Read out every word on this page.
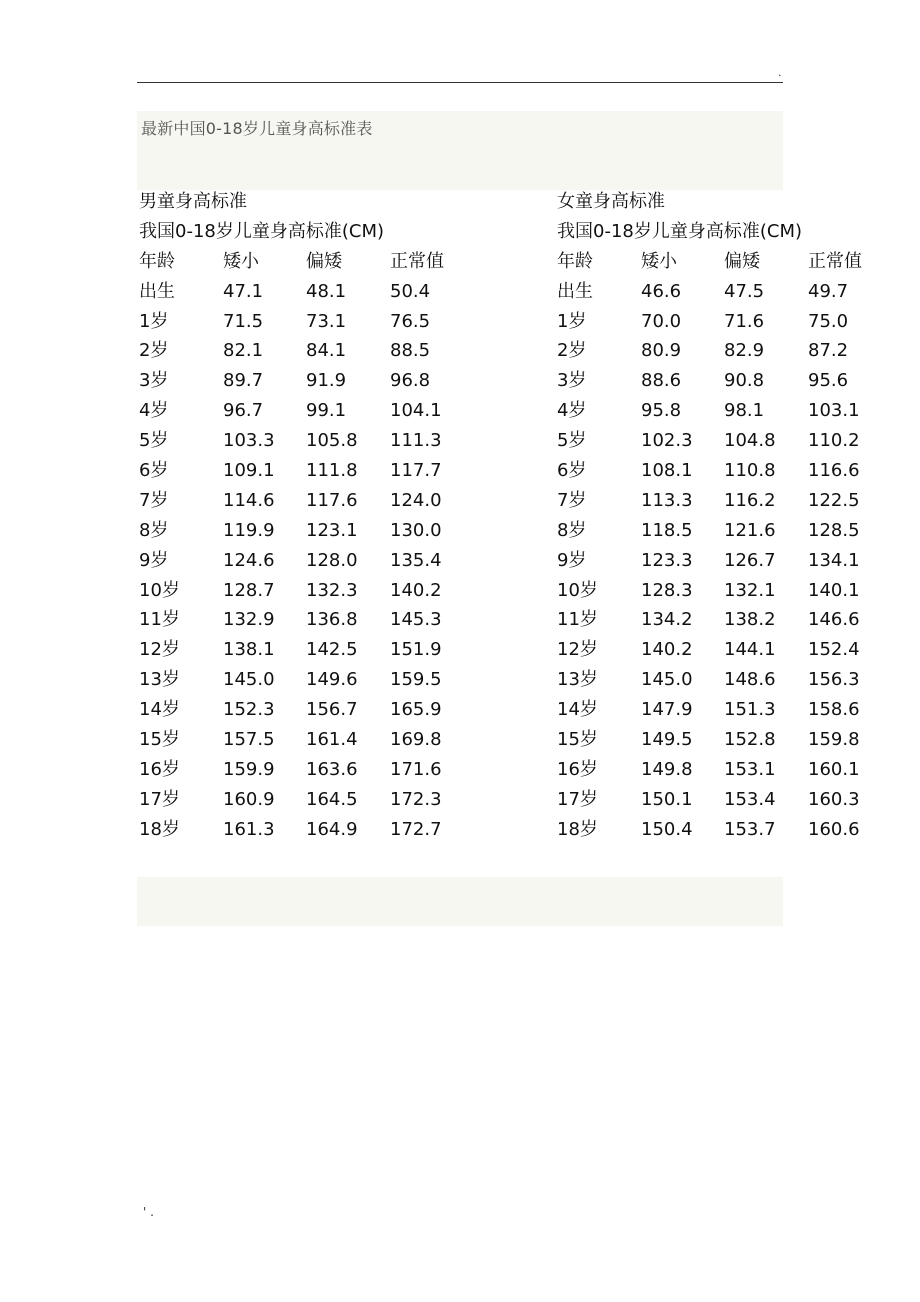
.
最新中国0-18岁儿童身高标准表
男童身高标准
我国0-18岁儿童身高标准(CM)
年龄	矮小	偏矮	正常值
出生	47.1	48.1	50.4
1岁	71.5	73.1	76.5
2岁	82.1	84.1	88.5
3岁	89.7	91.9	96.8
4岁	96.7	99.1	104.1
5岁	103.3	105.8	111.3
6岁	109.1	111.8	117.7
7岁	114.6	117.6	124.0
8岁	119.9	123.1	130.0
9岁	124.6	128.0	135.4
10岁	128.7	132.3	140.2
11岁	132.9	136.8	145.3
12岁	138.1	142.5	151.9
13岁	145.0	149.6	159.5
14岁	152.3	156.7	165.9
15岁	157.5	161.4	169.8
16岁	159.9	163.6	171.6
17岁	160.9	164.5	172.3
18岁	161.3	164.9	172.7
女童身高标准
我国0-18岁儿童身高标准(CM)
年龄	矮小	偏矮	正常值
出生	46.6	47.5	49.7
1岁	70.0	71.6	75.0
2岁	80.9	82.9	87.2
3岁	88.6	90.8	95.6
4岁	95.8	98.1	103.1
5岁	102.3	104.8	110.2
6岁	108.1	110.8	116.6
7岁	113.3	116.2	122.5
8岁	118.5	121.6	128.5
9岁	123.3	126.7	134.1
10岁	128.3	132.1	140.1
11岁	134.2	138.2	146.6
12岁	140.2	144.1	152.4
13岁	145.0	148.6	156.3
14岁	147.9	151.3	158.6
15岁	149.5	152.8	159.8
16岁	149.8	153.1	160.1
17岁	150.1	153.4	160.3
18岁	150.4	153.7	160.6
' .
